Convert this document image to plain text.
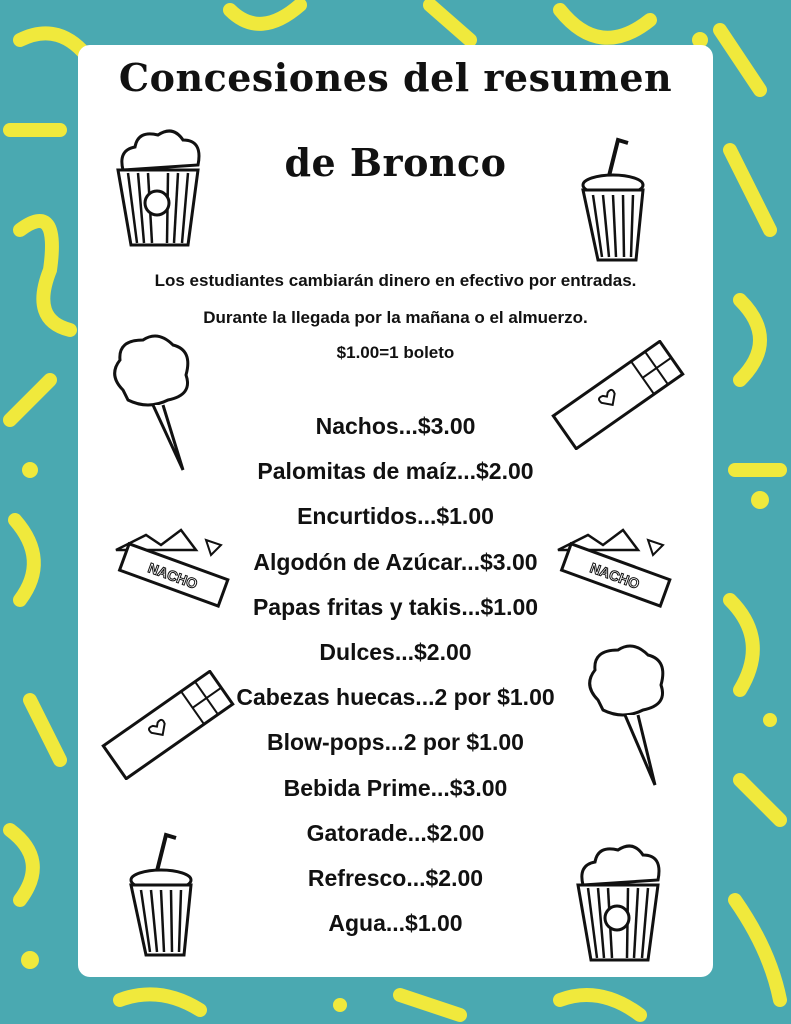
Concesiones del resumen
de Bronco
Los estudiantes cambiarán dinero en efectivo por entradas.
Durante la llegada por la mañana o el almuerzo.
$1.00=1 boleto
Nachos...$3.00
Palomitas de maíz...$2.00
Encurtidos...$1.00
Algodón de Azúcar...$3.00
Papas fritas y takis...$1.00
Dulces...$2.00
Cabezas huecas...2 por $1.00
Blow-pops...2 por $1.00
Bebida Prime...$3.00
Gatorade...$2.00
Refresco...$2.00
Agua...$1.00
NACHO	NACHO
